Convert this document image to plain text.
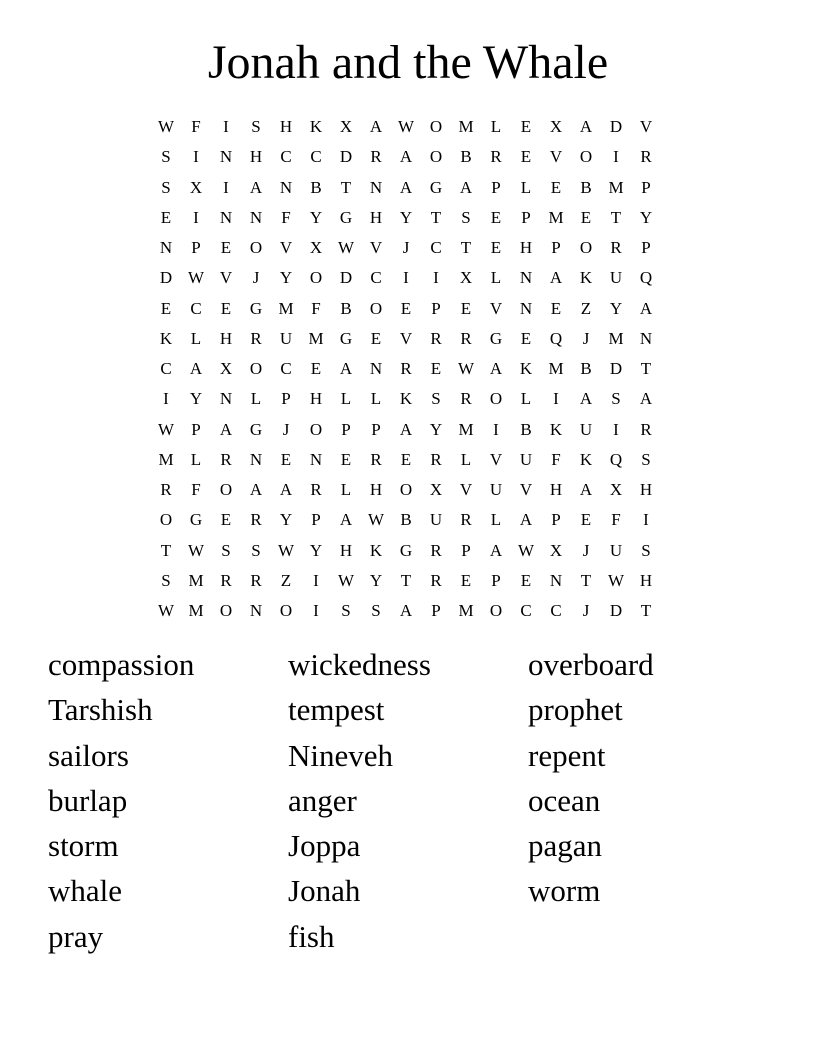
Jonah and the Whale
W	F	I	S	H	K	X	A W O M	L	E	X	A	D	V
S	I	N	H	C	C	D	R	A	O	B	R	E	V	O	I	R
S	X	I	A	N	B	T	N	A	G	A	P	L	E	B M	P
E	I	N	N	F	Y	G	H	Y	T	S	E	P	M	E	T	Y
N	P	E	O	V	X W V	J	C	T	E	H	P	O	R	P
D W V	J	Y	O	D	C	I	I	X	L	N	A	K	U	Q
E	C	E	G M	F	B	O	E	P	E	V	N	E	Z	Y	A
K	L	H	R	U M G	E	V	R	R	G	E	Q	J	M N
C	A	X	O	C	E	A	N	R	E W A	K M B	D	T
I	Y	N	L	P	H	L	L	K	S	R	O	L	I	A	S	A
W	P	A	G	J	O	P	P	A	Y M	I	B	K	U	I	R
M	L	R	N	E	N	E	R	E	R	L	V	U	F	K	Q	S
R	F	O	A	A	R	L	H	O	X	V	U	V	H	A	X	H
O	G	E	R	Y	P	A W B	U	R	L	A	P	E	F	I
T W	S	S	W Y	H	K	G	R	P	A W X	J	U	S
S	M R	R	Z	I	W Y	T	R	E	P	E	N	T W H
W M O	N	O	I	S	S	A	P	M O	C	C	J	D	T
compassion
Tarshish
sailors
burlap
storm
whale
pray
wickedness
tempest
Nineveh
anger
Joppa
Jonah
fish
overboard
prophet
repent
ocean
pagan
worm
